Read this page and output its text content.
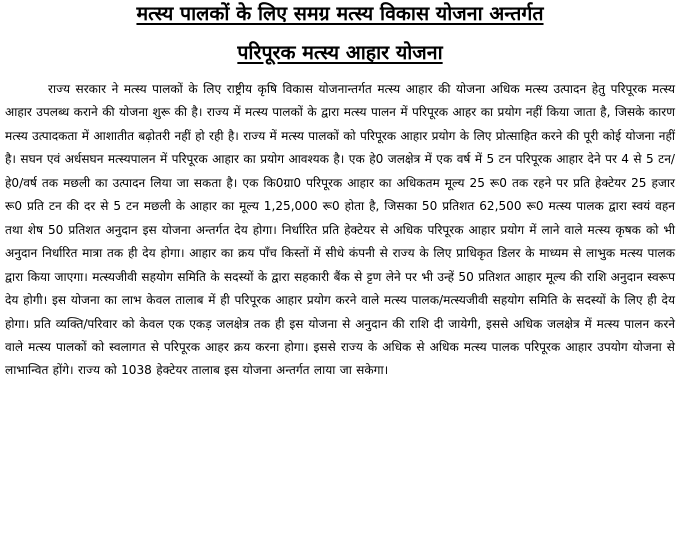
मत्स्य पालकों के लिए समग्र मत्स्य विकास योजना अन्तर्गत
परिपूरक मत्स्य आहार योजना

राज्य सरकार ने मत्स्य पालकों के लिए राष्ट्रीय कृषि विकास योजनान्तर्गत मत्स्य आहार की योजना अधिक मत्स्य उत्पादन हेतु परिपूरक मत्स्य आहार उपलब्ध कराने की योजना शुरू की है। राज्य में मत्स्य पालकों के द्वारा मत्स्य पालन में परिपूरक आहर का प्रयोग नहीं किया जाता है, जिसके कारण मत्स्य उत्पादकता में आशातीत बढ़ोतरी नहीं हो रही है। राज्य में मत्स्य पालकों को परिपूरक आहार प्रयोग के लिए प्रोत्साहित करने की पूरी कोई योजना नहीं है। सघन एवं अर्धसघन मत्स्यपालन में परिपूरक आहार का प्रयोग आवश्यक है। एक हे0 जलक्षेत्र में एक वर्ष में 5 टन परिपूरक आहार देने पर 4 से 5 टन/हे0/वर्ष तक मछली का उत्पादन लिया जा सकता है। एक कि0ग्रा0 परिपूरक आहार का अधिकतम मूल्य 25 रू0 तक रहने पर प्रति हेक्टेयर 25 हजार रू0 प्रति टन की दर से 5 टन मछली के आहार का मूल्य 1,25,000 रू0 होता है, जिसका 50 प्रतिशत 62,500 रू0 मत्स्य पालक द्वारा स्वयं वहन तथा शेष 50 प्रतिशत अनुदान इस योजना अन्तर्गत देय होगा। निर्धारित प्रति हेक्टेयर से अधिक परिपूरक आहार प्रयोग में लाने वाले मत्स्य कृषक को भी अनुदान निर्धारित मात्रा तक ही देय होगा। आहार का क्रय पाँच किस्तों में सीधे कंपनी से राज्य के लिए प्राधिकृत डिलर के माध्यम से लाभुक मत्स्य पालक द्वारा किया जाएगा। मत्स्यजीवी सहयोग समिति के सदस्यों के द्वारा सहकारी बैंक से ट्टण लेने पर भी उन्हें 50 प्रतिशत आहार मूल्य की राशि अनुदान स्वरूप देय होगी। इस योजना का लाभ केवल तालाब में ही परिपूरक आहार प्रयोग करने वाले मत्स्य पालक/मत्स्यजीवी सहयोग समिति के सदस्यों के लिए ही देय होगा। प्रति व्यक्ति/परिवार को केवल एक एकड़ जलक्षेत्र तक ही इस योजना से अनुदान की राशि दी जायेगी, इससे अधिक जलक्षेत्र में मत्स्य पालन करने वाले मत्स्य पालकों को स्वलागत से परिपूरक आहर क्रय करना होगा। इससे राज्य के अधिक से अधिक मत्स्य पालक परिपूरक आहार उपयोग योजना से लाभान्वित होंगे। राज्य को 1038 हेक्टेयर तालाब इस योजना अन्तर्गत लाया जा सकेगा।
